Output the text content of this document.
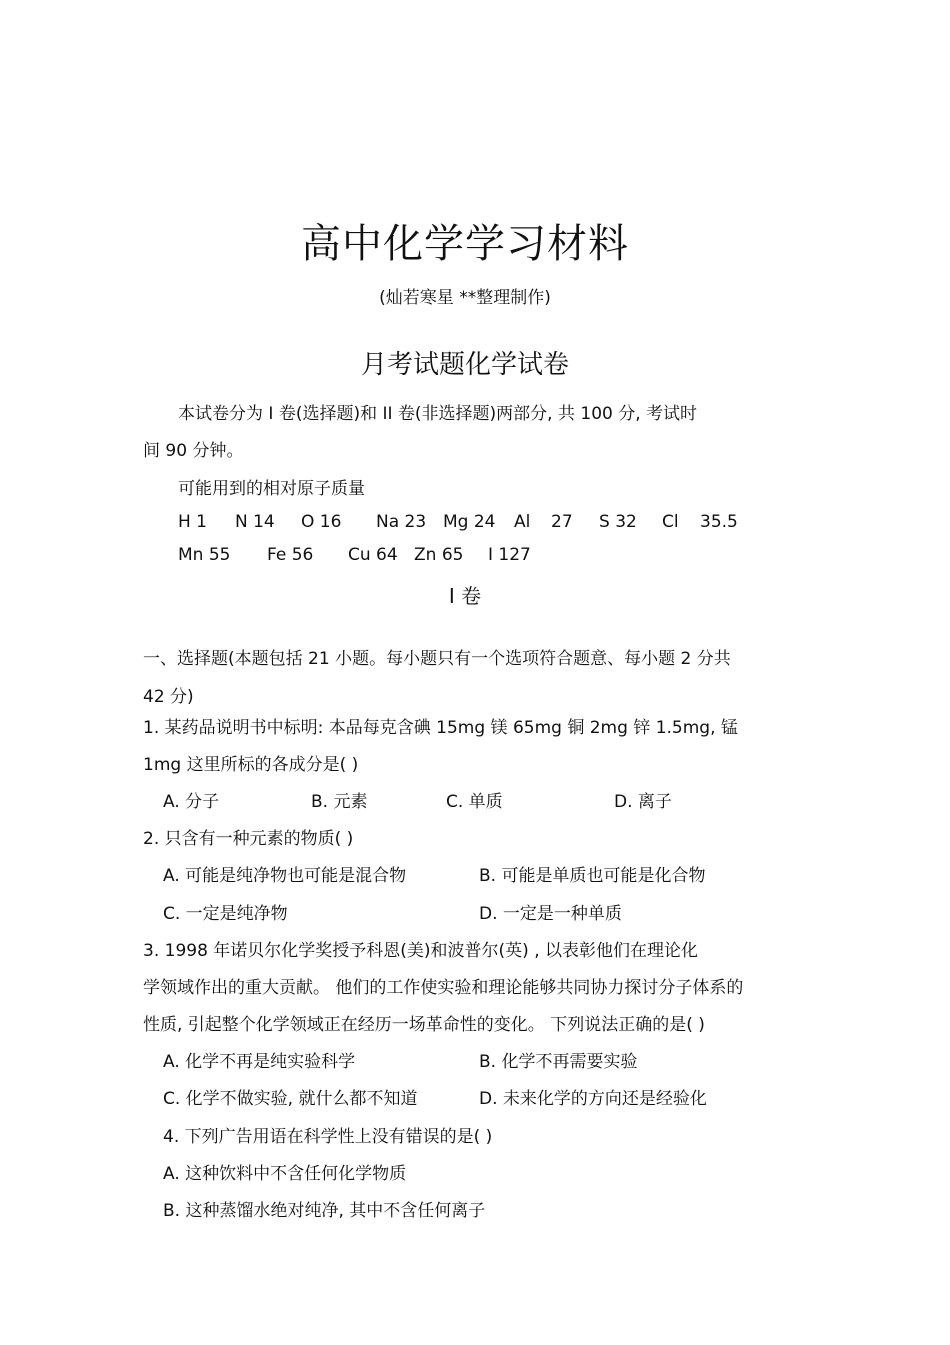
高中化学学习材料
(灿若寒星 **整理制作)
月考试题化学试卷
本试卷分为 I 卷(选择题)和 II 卷(非选择题)两部分, 共 100 分, 考试时
间 90 分钟。
可能用到的相对原子质量
H 1 N 14 O 16 Na 23 Mg 24 Al 27 S 32 Cl 35.5
Mn 55 Fe 56 Cu 64 Zn 65 I 127
I 卷
一、选择题(本题包括 21 小题。每小题只有一个选项符合题意、每小题 2 分共
42 分)
1. 某药品说明书中标明: 本品每克含碘 15mg 镁 65mg 铜 2mg 锌 1.5mg, 锰
1mg 这里所标的各成分是( )
A. 分子	B. 元素	C. 单质	D. 离子
2. 只含有一种元素的物质( )
A. 可能是纯净物也可能是混合物	B. 可能是单质也可能是化合物
C. 一定是纯净物	D. 一定是一种单质
3. 1998 年诺贝尔化学奖授予科恩(美)和波普尔(英) , 以表彰他们在理论化
学领域作出的重大贡献。 他们的工作使实验和理论能够共同协力探讨分子体系的
性质, 引起整个化学领域正在经历一场革命性的变化。 下列说法正确的是( )
A. 化学不再是纯实验科学	B. 化学不再需要实验
C. 化学不做实验, 就什么都不知道	D. 未来化学的方向还是经验化
4. 下列广告用语在科学性上没有错误的是( )
A. 这种饮料中不含任何化学物质
B. 这种蒸馏水绝对纯净, 其中不含任何离子
